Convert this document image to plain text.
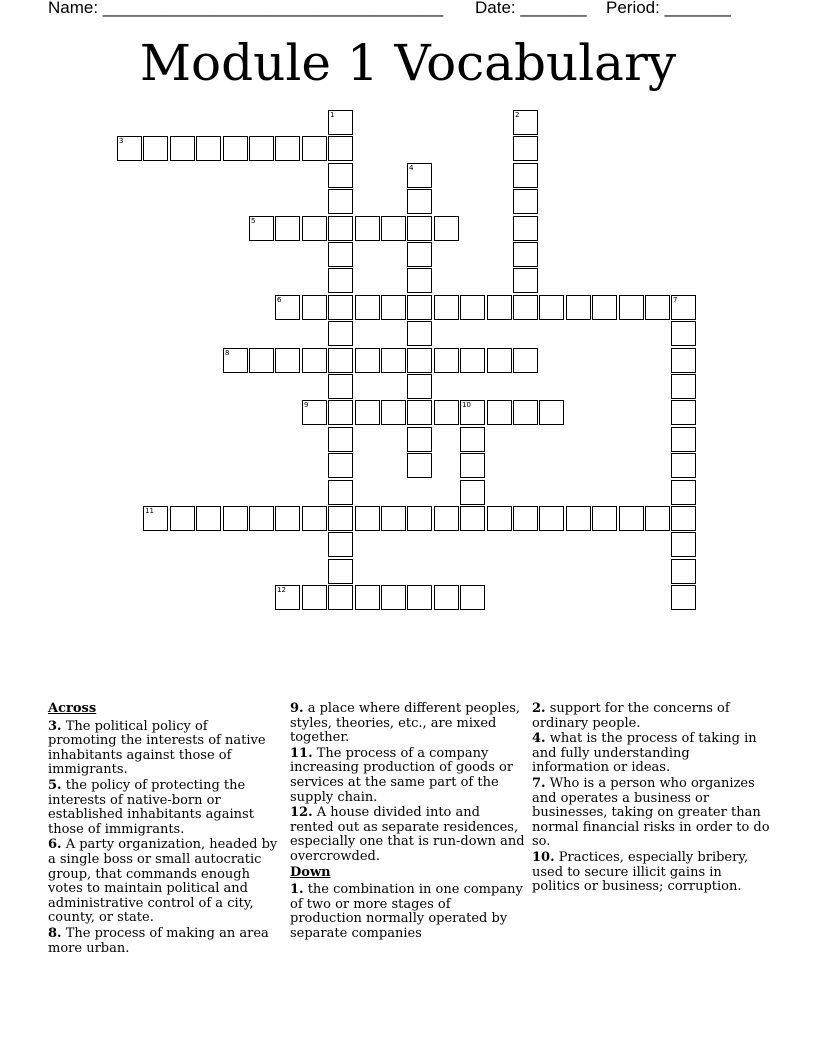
Name: ____________________________________ Date: _______ Period: _______
Module 1 Vocabulary
1	2
3
4
5
6	7
8
9	10
11
12
Across
3. The political policy of promoting the interests of native inhabitants against those of immigrants.
5. the policy of protecting the interests of native-born or established inhabitants against those of immigrants.
6. A party organization, headed by a single boss or small autocratic group, that commands enough votes to maintain political and administrative control of a city, county, or state.
8. The process of making an area more urban.
9. a place where different peoples, styles, theories, etc., are mixed together.
11. The process of a company increasing production of goods or services at the same part of the supply chain.
12. A house divided into and rented out as separate residences, especially one that is run-down and overcrowded.
Down
1. the combination in one company of two or more stages of production normally operated by separate companies
2. support for the concerns of ordinary people.
4. what is the process of taking in and fully understanding information or ideas.
7. Who is a person who organizes and operates a business or businesses, taking on greater than normal financial risks in order to do so.
10. Practices, especially bribery, used to secure illicit gains in politics or business; corruption.
